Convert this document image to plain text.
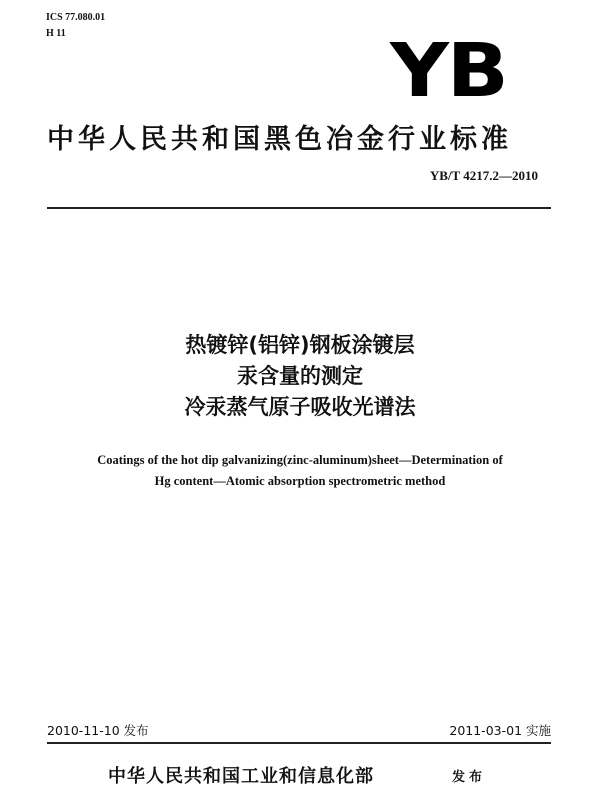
ICS 77.080.01
H 11	YB
中华人民共和国黑色冶金行业标准
YB/T 4217.2—2010
热镀锌(铝锌)钢板涂镀层
汞含量的测定
冷汞蒸气原子吸收光谱法
Coatings of the hot dip galvanizing(zinc-aluminum)sheet—Determination of
Hg content—Atomic absorption spectrometric method
2010-11-10 发布	2011-03-01 实施
中华人民共和国工业和信息化部	发布
